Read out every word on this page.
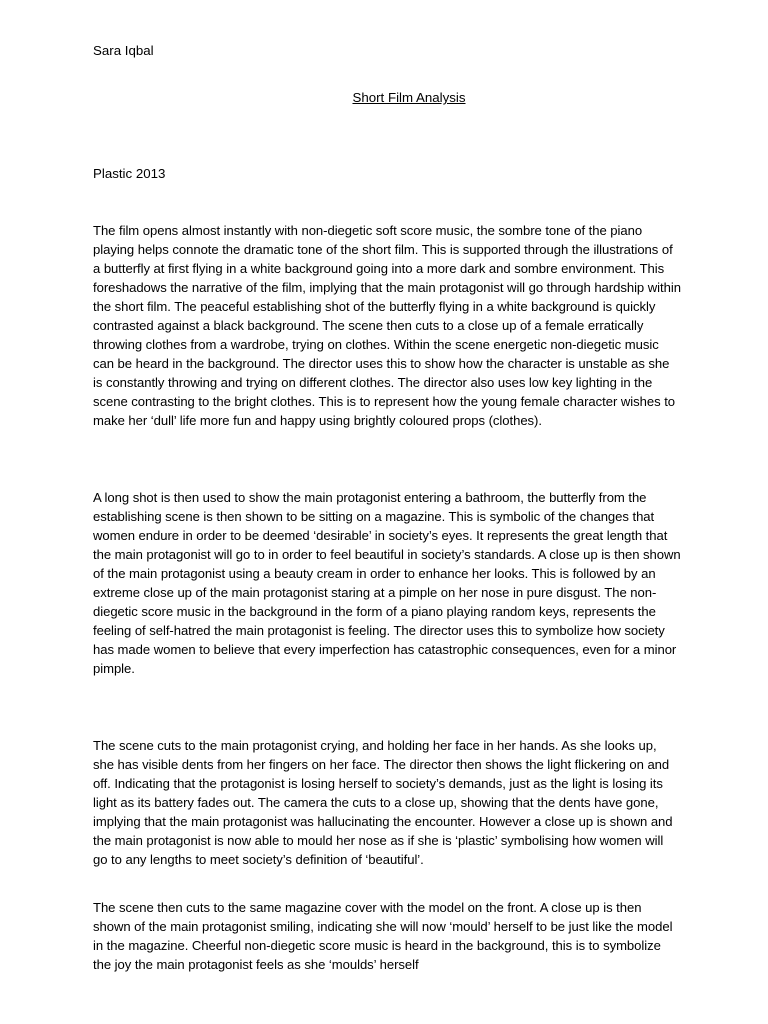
Sara Iqbal

Short Film Analysis
Plastic 2013

The film opens almost instantly with non-diegetic soft score music, the sombre tone of the piano playing helps connote the dramatic tone of the short film. This is supported through the illustrations of a butterfly at first flying in a white background going into a more dark and sombre environment. This foreshadows the narrative of the film, implying that the main protagonist will go through hardship within the short film. The peaceful establishing shot of the butterfly flying in a white background is quickly contrasted against a black background. The scene then cuts to a close up of a female erratically throwing clothes from a wardrobe, trying on clothes. Within the scene energetic non-diegetic music can be heard in the background. The director uses this to show how the character is unstable as she is constantly throwing and trying on different clothes. The director also uses low key lighting in the scene contrasting to the bright clothes. This is to represent how the young female character wishes to make her ‘dull’ life more fun and happy using brightly coloured props (clothes).

A long shot is then used to show the main protagonist entering a bathroom, the butterfly from the establishing scene is then shown to be sitting on a magazine. This is symbolic of the changes that women endure in order to be deemed ‘desirable’ in society’s eyes. It represents the great length that the main protagonist will go to in order to feel beautiful in society’s standards. A close up is then shown of the main protagonist using a beauty cream in order to enhance her looks. This is followed by an extreme close up of the main protagonist staring at a pimple on her nose in pure disgust. The non-diegetic score music in the background in the form of a piano playing random keys, represents the feeling of self-hatred the main protagonist is feeling. The director uses this to symbolize how society has made women to believe that every imperfection has catastrophic consequences, even for a minor pimple.

The scene cuts to the main protagonist crying, and holding her face in her hands. As she looks up, she has visible dents from her fingers on her face. The director then shows the light flickering on and off. Indicating that the protagonist is losing herself to society’s demands, just as the light is losing its light as its battery fades out. The camera the cuts to a close up, showing that the dents have gone, implying that the main protagonist was hallucinating the encounter. However a close up is shown and the main protagonist is now able to mould her nose as if she is ‘plastic’ symbolising how women will go to any lengths to meet society’s definition of ‘beautiful’.

The scene then cuts to the same magazine cover with the model on the front. A close up is then shown of the main protagonist smiling, indicating she will now ‘mould’ herself to be just like the model in the magazine. Cheerful non-diegetic score music is heard in the background, this is to symbolize the joy the main protagonist feels as she ‘moulds’ herself
